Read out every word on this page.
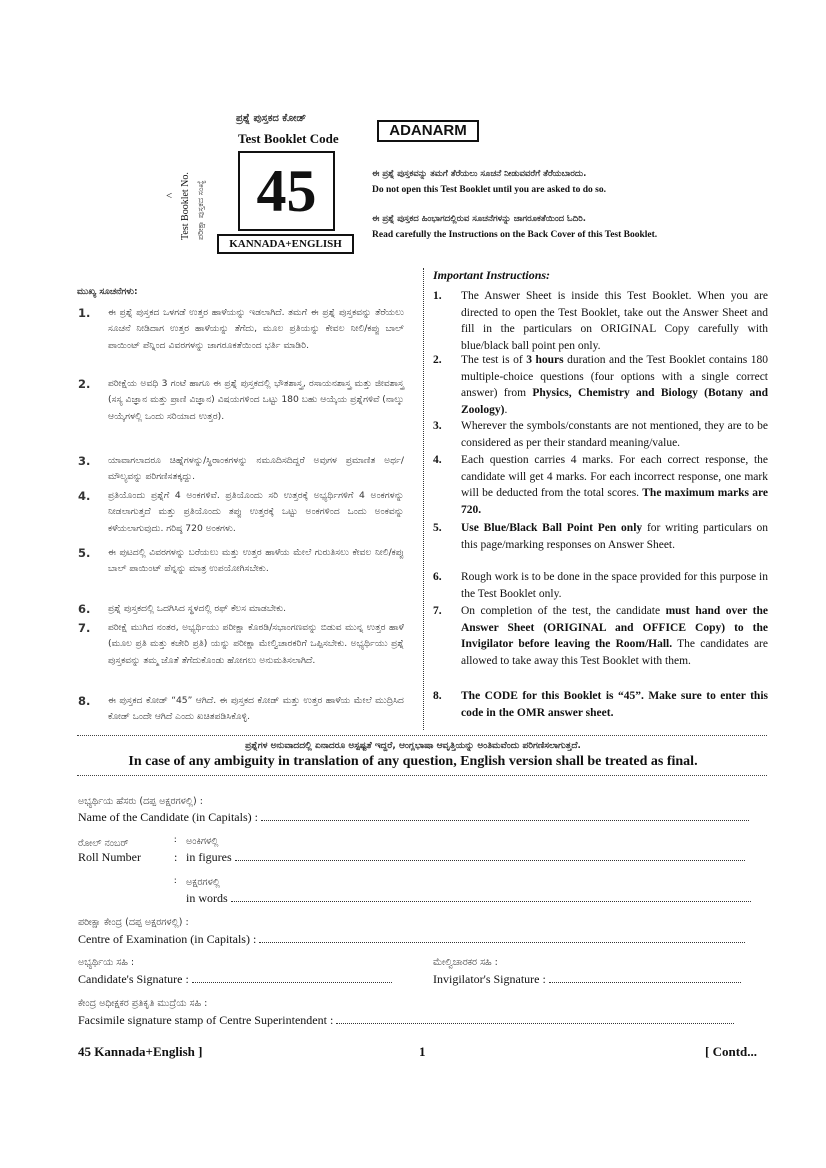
ಪ್ರಶ್ನೆ ಪುಸ್ತಕದ ಕೋಡ್
Test Booklet Code
45
KANNADA+ENGLISH
Test Booklet No. ಪರೀಕ್ಷಾ ಪುಸ್ತಕದ ಸಂಖ್ಯೆ
<
ADANARM
ಈ ಪ್ರಶ್ನೆ ಪುಸ್ತಕವನ್ನು ತಮಗೆ ತೆರೆಯಲು ಸೂಚನೆ ನೀಡುವವರೆಗೆ ತೆರೆಯಬಾರದು.
Do not open this Test Booklet until you are asked to do so.
ಈ ಪ್ರಶ್ನೆ ಪುಸ್ತಕದ ಹಿಂಭಾಗದಲ್ಲಿರುವ ಸೂಚನೆಗಳನ್ನು ಜಾಗರೂಕತೆಯಿಂದ ಓದಿರಿ.
Read carefully the Instructions on the Back Cover of this Test Booklet.
ಮುಖ್ಯ ಸೂಚನೆಗಳು:
1. ಈ ಪ್ರಶ್ನೆ ಪುಸ್ತಕದ ಒಳಗಡೆ ಉತ್ತರ ಹಾಳೆಯನ್ನು ಇಡಲಾಗಿದೆ. ತಮಗೆ ಈ ಪ್ರಶ್ನೆ ಪುಸ್ತಕವನ್ನು ತೆರೆಯಲು ಸೂಚನೆ ನೀಡಿದಾಗ ಉತ್ತರ ಹಾಳೆಯನ್ನು ತೆಗೆದು, ಮೂಲ ಪ್ರತಿಯನ್ನು ಕೇವಲ ನೀಲಿ/ಕಪ್ಪು ಬಾಲ್ ಪಾಯಿಂಟ್ ಪೆನ್ನಿಂದ ವಿವರಗಳನ್ನು ಜಾಗರೂಕತೆಯಿಂದ ಭರ್ತಿ ಮಾಡಿರಿ.
2. ಪರೀಕ್ಷೆಯ ಅವಧಿ 3 ಗಂಟೆ ಹಾಗೂ ಈ ಪ್ರಶ್ನೆ ಪುಸ್ತಕದಲ್ಲಿ ಭೌತಶಾಸ್ತ್ರ, ರಸಾಯನಶಾಸ್ತ್ರ ಮತ್ತು ಜೀವಶಾಸ್ತ್ರ (ಸಸ್ಯ ವಿಜ್ಞಾನ ಮತ್ತು ಪ್ರಾಣಿ ವಿಜ್ಞಾನ) ವಿಷಯಗಳಿಂದ ಒಟ್ಟು 180 ಬಹು ಆಯ್ಕೆಯ ಪ್ರಶ್ನೆಗಳಿವೆ (ನಾಲ್ಕು ಆಯ್ಕೆಗಳಲ್ಲಿ ಒಂದು ಸರಿಯಾದ ಉತ್ತರ).
3. ಯಾವಾಗಲಾದರೂ ಚಿಹ್ನೆಗಳನ್ನು/ಸ್ಥಿರಾಂಕಗಳನ್ನು ನಮೂದಿಸದಿದ್ದರೆ ಅವುಗಳ ಪ್ರಮಾಣಿತ ಅರ್ಥ/ಮೌಲ್ಯವನ್ನು ಪರಿಗಣಿಸತಕ್ಕದ್ದು.
4. ಪ್ರತಿಯೊಂದು ಪ್ರಶ್ನೆಗೆ 4 ಅಂಕಗಳಿವೆ. ಪ್ರತಿಯೊಂದು ಸರಿ ಉತ್ತರಕ್ಕೆ ಅಭ್ಯರ್ಥಿಗಳಿಗೆ 4 ಅಂಕಗಳನ್ನು ನೀಡಲಾಗುತ್ತದೆ ಮತ್ತು ಪ್ರತಿಯೊಂದು ತಪ್ಪು ಉತ್ತರಕ್ಕೆ ಒಟ್ಟು ಅಂಕಗಳಿಂದ ಒಂದು ಅಂಕವನ್ನು ಕಳೆಯಲಾಗುವುದು. ಗರಿಷ್ಠ 720 ಅಂಕಗಳು.
5. ಈ ಪುಟದಲ್ಲಿ ವಿವರಗಳನ್ನು ಬರೆಯಲು ಮತ್ತು ಉತ್ತರ ಹಾಳೆಯ ಮೇಲೆ ಗುರುತಿಸಲು ಕೇವಲ ನೀಲಿ/ಕಪ್ಪು ಬಾಲ್ ಪಾಯಿಂಟ್ ಪೆನ್ನನ್ನು ಮಾತ್ರ ಉಪಯೋಗಿಸಬೇಕು.
6. ಪ್ರಶ್ನೆ ಪುಸ್ತಕದಲ್ಲಿ ಒದಗಿಸಿದ ಸ್ಥಳದಲ್ಲಿ ರಫ್ ಕೆಲಸ ಮಾಡಬೇಕು.
7. ಪರೀಕ್ಷೆ ಮುಗಿದ ನಂತರ, ಅಭ್ಯರ್ಥಿಯು ಪರೀಕ್ಷಾ ಕೊಠಡಿ/ಸಭಾಂಗಣವನ್ನು ಬಿಡುವ ಮುನ್ನ ಉತ್ತರ ಹಾಳೆ (ಮೂಲ ಪ್ರತಿ ಮತ್ತು ಕಚೇರಿ ಪ್ರತಿ) ಯನ್ನು ಪರೀಕ್ಷಾ ಮೇಲ್ವಿಚಾರಕರಿಗೆ ಒಪ್ಪಿಸಬೇಕು. ಅಭ್ಯರ್ಥಿಯು ಪ್ರಶ್ನೆ ಪುಸ್ತಕವನ್ನು ತಮ್ಮ ಜೊತೆ ತೆಗೆದುಕೊಂಡು ಹೋಗಲು ಅನುಮತಿಸಲಾಗಿದೆ.
8. ಈ ಪುಸ್ತಕದ ಕೋಡ್ “45” ಆಗಿದೆ. ಈ ಪುಸ್ತಕದ ಕೋಡ್ ಮತ್ತು ಉತ್ತರ ಹಾಳೆಯ ಮೇಲೆ ಮುದ್ರಿಸಿದ ಕೋಡ್ ಒಂದೇ ಆಗಿದೆ ಎಂದು ಖಚಿತಪಡಿಸಿಕೊಳ್ಳಿ.
Important Instructions:
1. The Answer Sheet is inside this Test Booklet. When you are directed to open the Test Booklet, take out the Answer Sheet and fill in the particulars on ORIGINAL Copy carefully with blue/black ball point pen only.
2. The test is of 3 hours duration and the Test Booklet contains 180 multiple-choice questions (four options with a single correct answer) from Physics, Chemistry and Biology (Botany and Zoology).
3. Wherever the symbols/constants are not mentioned, they are to be considered as per their standard meaning/value.
4. Each question carries 4 marks. For each correct response, the candidate will get 4 marks. For each incorrect response, one mark will be deducted from the total scores. The maximum marks are 720.
5. Use Blue/Black Ball Point Pen only for writing particulars on this page/marking responses on Answer Sheet.
6. Rough work is to be done in the space provided for this purpose in the Test Booklet only.
7. On completion of the test, the candidate must hand over the Answer Sheet (ORIGINAL and OFFICE Copy) to the Invigilator before leaving the Room/Hall. The candidates are allowed to take away this Test Booklet with them.
8. The CODE for this Booklet is “45”. Make sure to enter this code in the OMR answer sheet.
ಪ್ರಶ್ನೆಗಳ ಅನುವಾದದಲ್ಲಿ ಏನಾದರೂ ಅಸ್ಪಷ್ಟತೆ ಇದ್ದರೆ, ಆಂಗ್ಲಭಾಷಾ ಆವೃತ್ತಿಯನ್ನು ಅಂತಿಮವೆಂದು ಪರಿಗಣಿಸಲಾಗುತ್ತದೆ.
In case of any ambiguity in translation of any question, English version shall be treated as final.
ಅಭ್ಯರ್ಥಿಯ ಹೆಸರು (ದಪ್ಪ ಅಕ್ಷರಗಳಲ್ಲಿ) :
Name of the Candidate (in Capitals) :
ರೋಲ್ ನಂಬರ್	: ಅಂಕಿಗಳಲ್ಲಿ
Roll Number	: in figures
: ಅಕ್ಷರಗಳಲ್ಲಿ
in words
ಪರೀಕ್ಷಾ ಕೇಂದ್ರ (ದಪ್ಪ ಅಕ್ಷರಗಳಲ್ಲಿ) :
Centre of Examination (in Capitals) :
ಅಭ್ಯರ್ಥಿಯ ಸಹಿ :
Candidate's Signature :
ಮೇಲ್ವಿಚಾರಕರ ಸಹಿ :
Invigilator's Signature :
ಕೇಂದ್ರ ಅಧೀಕ್ಷಕರ ಪ್ರತಿಕೃತಿ ಮುದ್ರೆಯ ಸಹಿ :
Facsimile signature stamp of Centre Superintendent :
45 Kannada+English ]	1	[ Contd...
